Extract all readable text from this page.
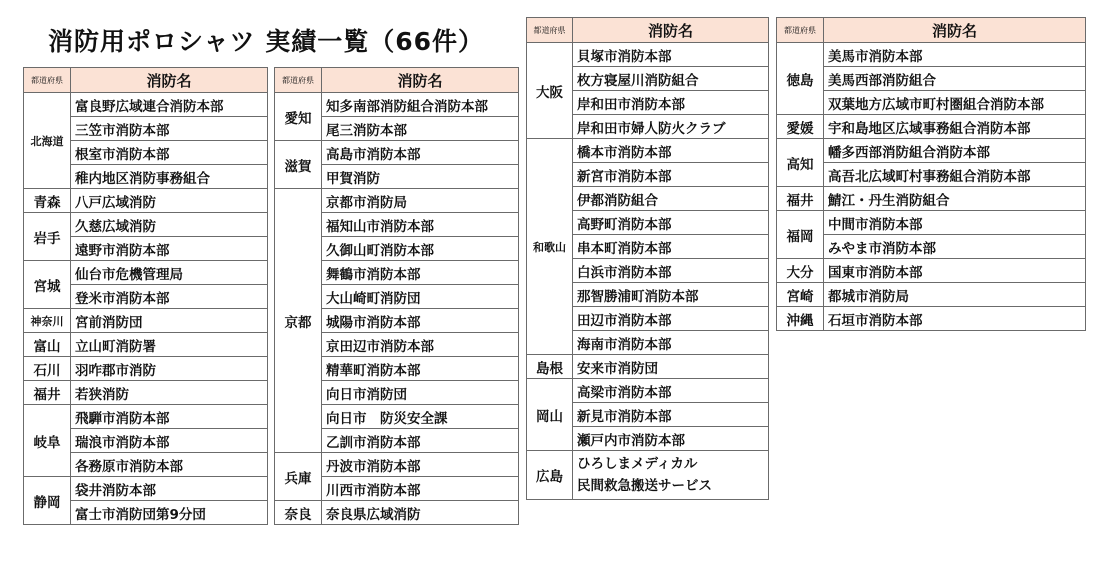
消防用ポロシャツ 実績一覧（66件）
都道府県	消防名
北海道	富良野広域連合消防本部
	三笠市消防本部
	根室市消防本部
	稚内地区消防事務組合
青森	八戸広域消防
岩手	久慈広域消防
	遠野市消防本部
宮城	仙台市危機管理局
	登米市消防本部
神奈川	宮前消防団
富山	立山町消防署
石川	羽咋郡市消防
福井	若狭消防
岐阜	飛騨市消防本部
	瑞浪市消防本部
	各務原市消防本部
静岡	袋井消防本部
	富士市消防団第9分団
都道府県	消防名
愛知	知多南部消防組合消防本部
	尾三消防本部
滋賀	高島市消防本部
	甲賀消防
京都	京都市消防局
	福知山市消防本部
	久御山町消防本部
	舞鶴市消防本部
	大山崎町消防団
	城陽市消防本部
	京田辺市消防本部
	精華町消防本部
	向日市消防団
	向日市　防災安全課
	乙訓市消防本部
兵庫	丹波市消防本部
	川西市消防本部
奈良	奈良県広域消防
都道府県	消防名
大阪	貝塚市消防本部
	枚方寝屋川消防組合
	岸和田市消防本部
	岸和田市婦人防火クラブ
和歌山	橋本市消防本部
	新宮市消防本部
	伊都消防組合
	高野町消防本部
	串本町消防本部
	白浜市消防本部
	那智勝浦町消防本部
	田辺市消防本部
	海南市消防本部
島根	安来市消防団
岡山	高梁市消防本部
	新見市消防本部
	瀬戸内市消防本部
広島	ひろしまメディカル
民間救急搬送サービス
都道府県	消防名
徳島	美馬市消防本部
	美馬西部消防組合
	双葉地方広域市町村圏組合消防本部
愛媛	宇和島地区広域事務組合消防本部
高知	幡多西部消防組合消防本部
	高吾北広域町村事務組合消防本部
福井	鯖江・丹生消防組合
福岡	中間市消防本部
	みやま市消防本部
大分	国東市消防本部
宮崎	都城市消防局
沖縄	石垣市消防本部
